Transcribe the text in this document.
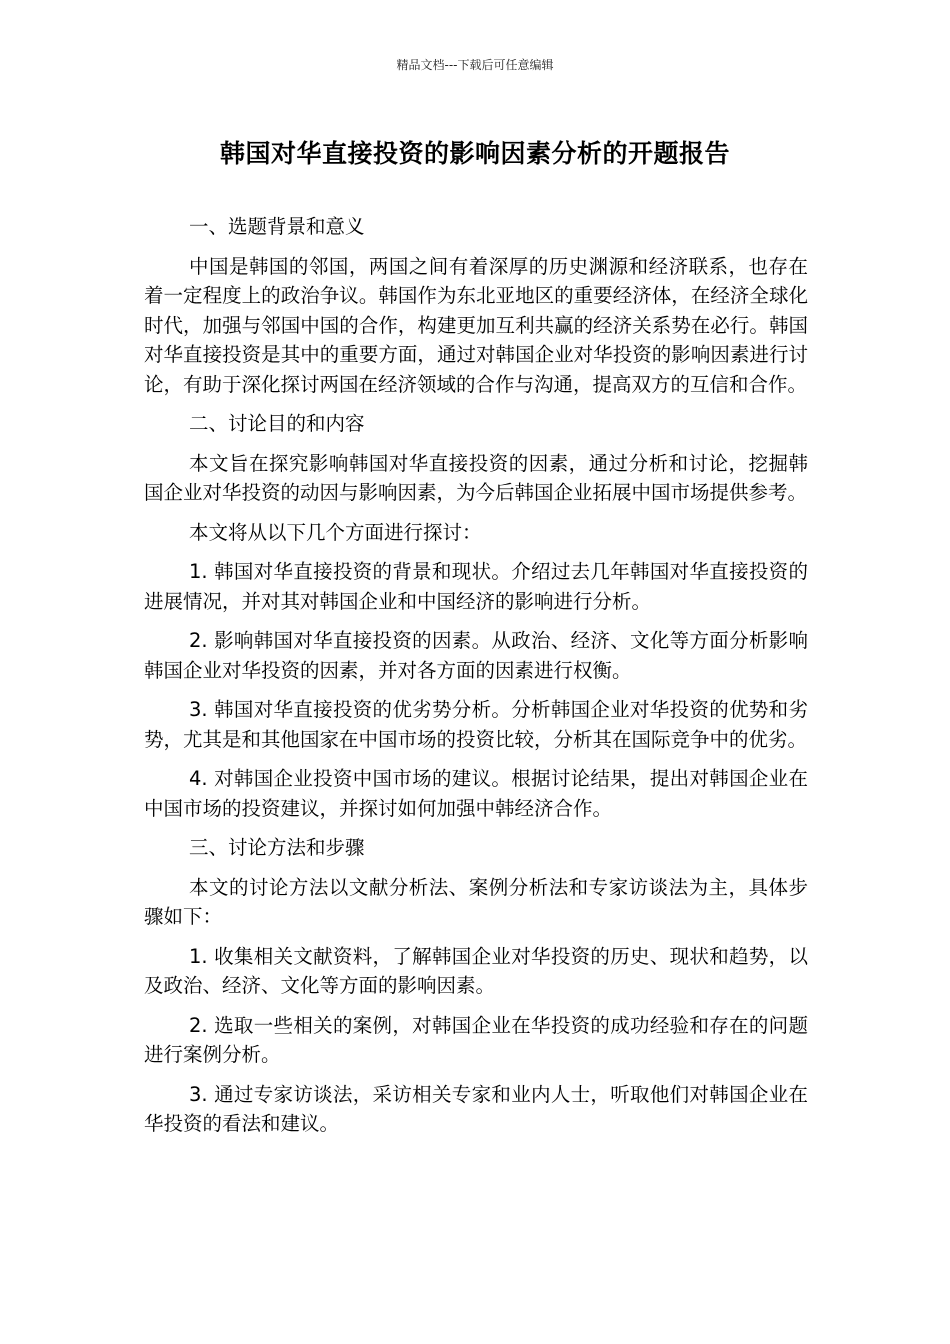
精品文档---下载后可任意编辑
韩国对华直接投资的影响因素分析的开题报告

一、选题背景和意义

中国是韩国的邻国，两国之间有着深厚的历史渊源和经济联系，也存在着一定程度上的政治争议。韩国作为东北亚地区的重要经济体，在经济全球化时代，加强与邻国中国的合作，构建更加互利共赢的经济关系势在必行。韩国对华直接投资是其中的重要方面，通过对韩国企业对华投资的影响因素进行讨论，有助于深化探讨两国在经济领域的合作与沟通，提高双方的互信和合作。

二、讨论目的和内容

本文旨在探究影响韩国对华直接投资的因素，通过分析和讨论，挖掘韩国企业对华投资的动因与影响因素，为今后韩国企业拓展中国市场提供参考。

本文将从以下几个方面进行探讨：

1. 韩国对华直接投资的背景和现状。介绍过去几年韩国对华直接投资的进展情况，并对其对韩国企业和中国经济的影响进行分析。

2. 影响韩国对华直接投资的因素。从政治、经济、文化等方面分析影响韩国企业对华投资的因素，并对各方面的因素进行权衡。

3. 韩国对华直接投资的优劣势分析。分析韩国企业对华投资的优势和劣势，尤其是和其他国家在中国市场的投资比较，分析其在国际竞争中的优劣。

4. 对韩国企业投资中国市场的建议。根据讨论结果，提出对韩国企业在中国市场的投资建议，并探讨如何加强中韩经济合作。

三、讨论方法和步骤

本文的讨论方法以文献分析法、案例分析法和专家访谈法为主，具体步骤如下：

1. 收集相关文献资料，了解韩国企业对华投资的历史、现状和趋势，以及政治、经济、文化等方面的影响因素。

2. 选取一些相关的案例，对韩国企业在华投资的成功经验和存在的问题进行案例分析。

3. 通过专家访谈法，采访相关专家和业内人士，听取他们对韩国企业在华投资的看法和建议。
